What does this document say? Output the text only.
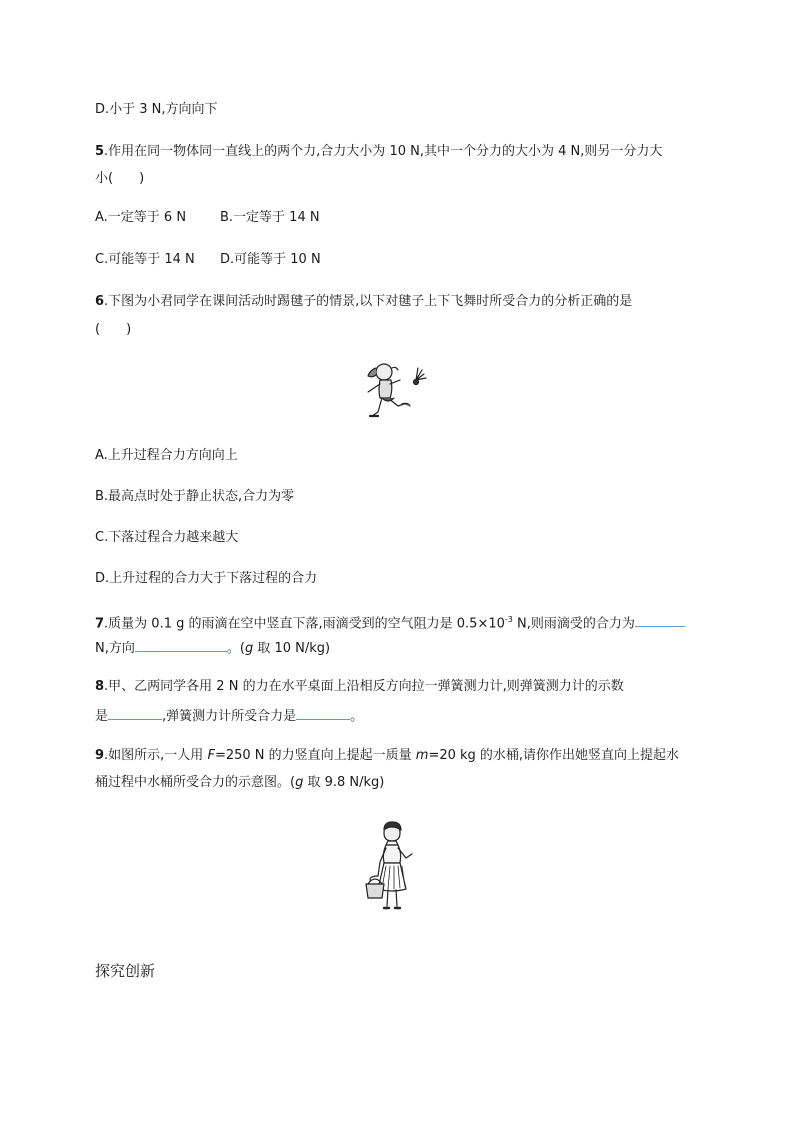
D.小于 3 N,方向向下
5.作用在同一物体同一直线上的两个力,合力大小为 10 N,其中一个分力的大小为 4 N,则另一分力大
小(　　)
A.一定等于 6 N	B.一定等于 14 N
C.可能等于 14 N D.可能等于 10 N
6.下图为小君同学在课间活动时踢毽子的情景,以下对毽子上下飞舞时所受合力的分析正确的是
(　　)
A.上升过程合力方向向上
B.最高点时处于静止状态,合力为零
C.下落过程合力越来越大
D.上升过程的合力大于下落过程的合力
7.质量为 0.1 g 的雨滴在空中竖直下落,雨滴受到的空气阻力是 $0.5\times 10^{-3}$ N,则雨滴受的合力为
N,方向	。(g 取 10 N/kg)
8.甲、乙两同学各用 2 N 的力在水平桌面上沿相反方向拉一弹簧测力计,则弹簧测力计的示数
是	,弹簧测力计所受合力是	。
9.如图所示,一人用 F=250 N 的力竖直向上提起一质量 m=20 kg 的水桶,请你作出她竖直向上提起水
桶过程中水桶所受合力的示意图。(g 取 9.8 N/kg)
探究创新
